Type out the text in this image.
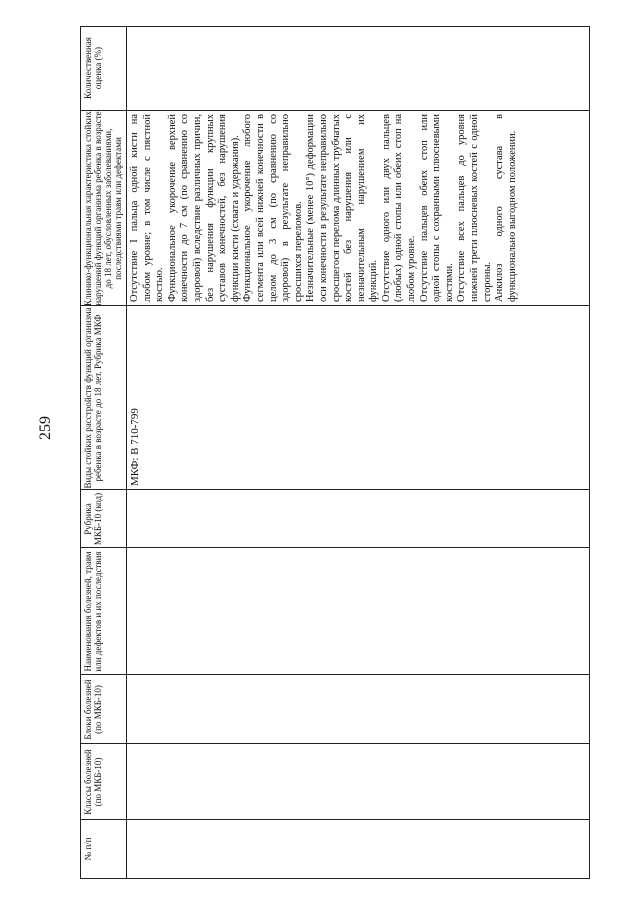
259
№ п/п
Классы болезней (по МКБ-10)
Блоки болезней (по МКБ-10)
Наименования болезней, травм или дефектов и их последствия
Виды стойких расстройств функций организма ребенка в возрасте до 18 лет. Рубрика МКФ
Рубрика МКБ-10 (код)
Клинико-функциональная характеристика стойких нарушений функций организма ребенка в возрасте до 18 лет, обусловленных заболеваниями, последствиями травм или дефектами
Количественная оценка (%)
МКФ: В 710-799
Отсутствие I пальца одной кисти на любом уровне; в том числе с пястной костью.
Функциональное укорочение верхней конечности до 7 см (по сравнению со здоровой) вследствие различных причин, без нарушения функции крупных суставов конечностей, без нарушения функции кисти (схвата и удержания).
Функциональное укорочение любого сегмента или всей нижней конечности в целом до 3 см (по сравнению со здоровой) в результате неправильно сросшихся переломов.
Незначительные (менее 10°) деформации оси конечности в результате неправильно сросшегося перелома длинных трубчатых костей без нарушения или с незначительным нарушением их функций.
Отсутствие одного или двух пальцев (любых) одной стопы или обеих стоп на любом уровне.
Отсутствие пальцев обеих стоп или одной стопы с сохранными плюсневыми костями.
Отсутствие всех пальцев до уровня нижней трети плюсневых костей с одной стороны.
Анкилоз одного сустава в функционально выгодном положении.
